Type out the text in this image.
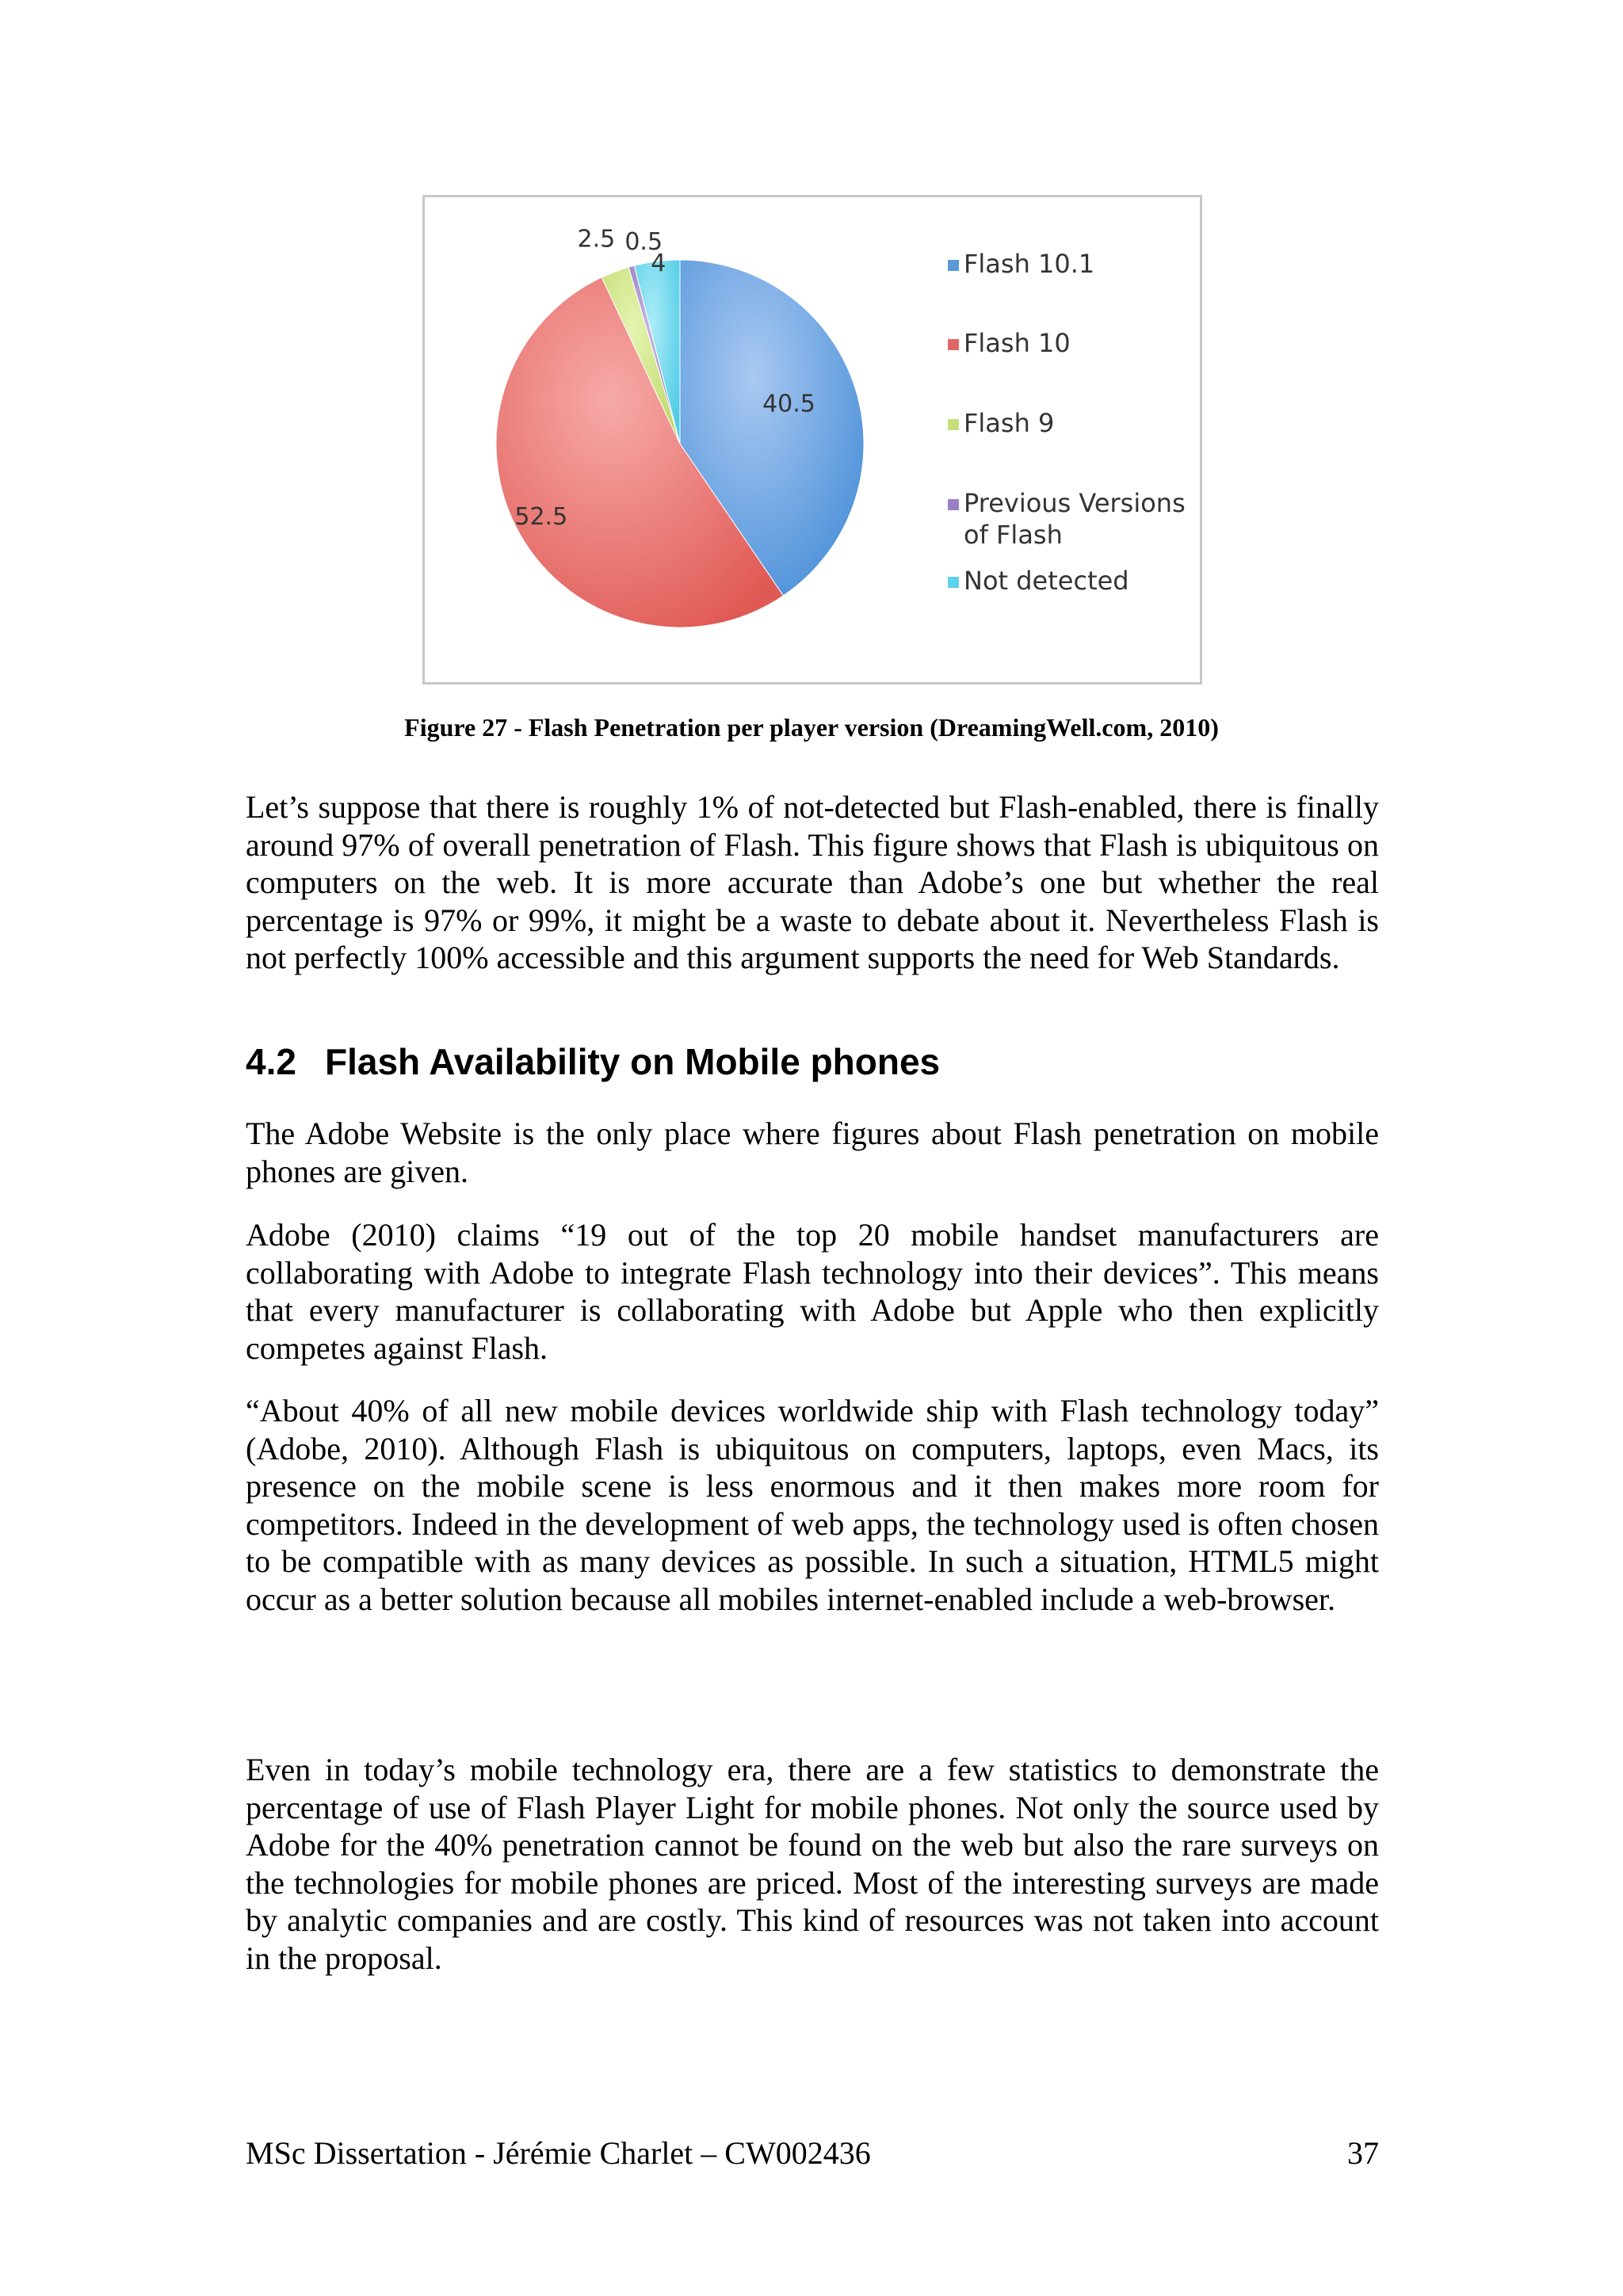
40.5
52.5
2.5 0.5
4	Flash 10.1
Flash 10
Flash 9
Previous Versions
of Flash
Not detected
Figure 27 - Flash Penetration per player version (DreamingWell.com, 2010)

Let’s suppose that there is roughly 1% of not-detected but Flash-enabled, there is finally around 97% of overall penetration of Flash. This figure shows that Flash is ubiquitous on computers on the web. It is more accurate than Adobe’s one but whether the real percentage is 97% or 99%, it might be a waste to debate about it. Nevertheless Flash is not perfectly 100% accessible and this argument supports the need for Web Standards.

4.2 Flash Availability on Mobile phones

The Adobe Website is the only place where figures about Flash penetration on mobile phones are given.

Adobe (2010) claims “19 out of the top 20 mobile handset manufacturers are collaborating with Adobe to integrate Flash technology into their devices”. This means that every manufacturer is collaborating with Adobe but Apple who then explicitly competes against Flash.

“About 40% of all new mobile devices worldwide ship with Flash technology today” (Adobe, 2010). Although Flash is ubiquitous on computers, laptops, even Macs, its presence on the mobile scene is less enormous and it then makes more room for competitors. Indeed in the development of web apps, the technology used is often chosen to be compatible with as many devices as possible. In such a situation, HTML5 might occur as a better solution because all mobiles internet-enabled include a web-browser.

Even in today’s mobile technology era, there are a few statistics to demonstrate the percentage of use of Flash Player Light for mobile phones. Not only the source used by Adobe for the 40% penetration cannot be found on the web but also the rare surveys on the technologies for mobile phones are priced. Most of the interesting surveys are made by analytic companies and are costly. This kind of resources was not taken into account in the proposal.

MSc Dissertation - Jérémie Charlet – CW002436	37
